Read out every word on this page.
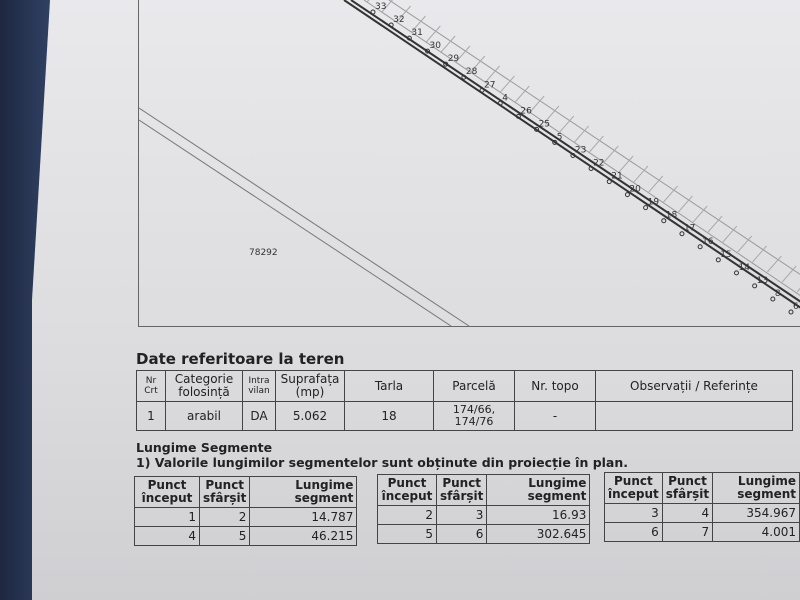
33
32
31
30
29
28
27
4
26
25
5
23
22
21
20
19
18
17
16
15
14
13
8
6
78292
Date referitoare la teren
Nr Crt	Categorie folosință	Intra vilan	Suprafața (mp)	Tarla	Parcelă	Nr. topo	Observații / Referințe
1	arabil	DA	5.062	18	174/66, 174/76	-	
Lungime Segmente
1) Valorile lungimilor segmentelor sunt obținute din proiecție în plan.
Punct început	Punct sfârșit	Lungime segment
1	2	14.787
4	5	46.215
Punct început	Punct sfârșit	Lungime segment
2	3	16.93
5	6	302.645
Punct început	Punct sfârșit	Lungime segment
3	4	354.967
6	7	4.001
